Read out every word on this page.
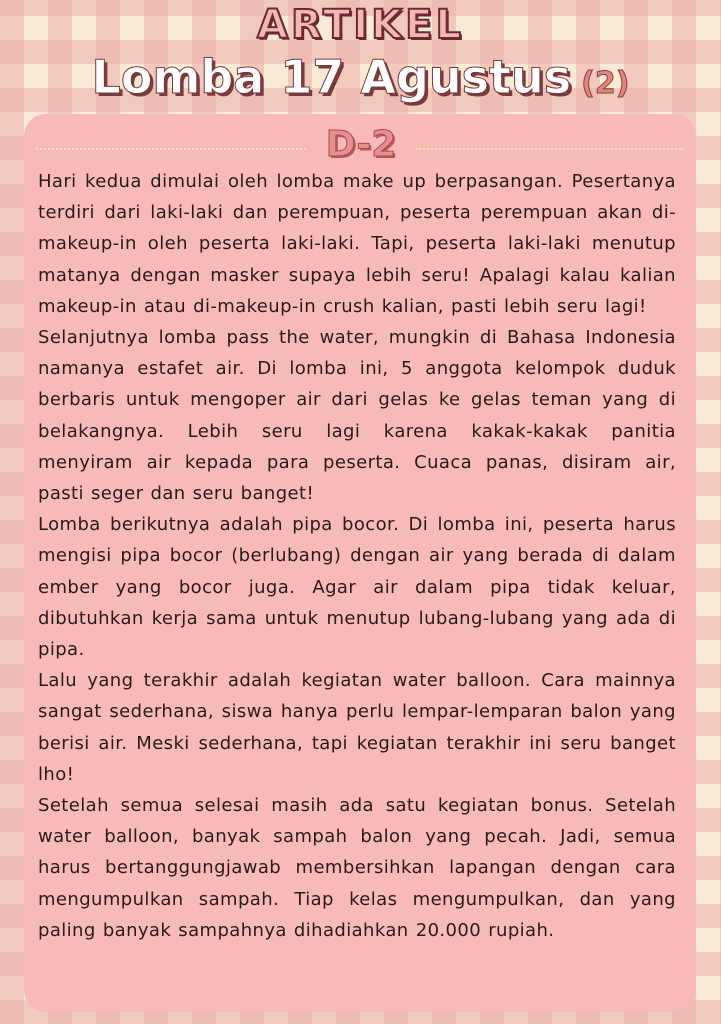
ARTIKEL
Lomba 17 Agustus (2)
D-2

Hari kedua dimulai oleh lomba make up berpasangan. Pesertanya terdiri dari laki-laki dan perempuan, peserta perempuan akan di-makeup-in oleh peserta laki-laki. Tapi, peserta laki-laki menutup matanya dengan masker supaya lebih seru! Apalagi kalau kalian makeup-in atau di-makeup-in crush kalian, pasti lebih seru lagi!

Selanjutnya lomba pass the water, mungkin di Bahasa Indonesia namanya estafet air. Di lomba ini, 5 anggota kelompok duduk berbaris untuk mengoper air dari gelas ke gelas teman yang di belakangnya. Lebih seru lagi karena kakak-kakak panitia menyiram air kepada para peserta. Cuaca panas, disiram air, pasti seger dan seru banget!

Lomba berikutnya adalah pipa bocor. Di lomba ini, peserta harus mengisi pipa bocor (berlubang) dengan air yang berada di dalam ember yang bocor juga. Agar air dalam pipa tidak keluar, dibutuhkan kerja sama untuk menutup lubang-lubang yang ada di pipa.

Lalu yang terakhir adalah kegiatan water balloon. Cara mainnya sangat sederhana, siswa hanya perlu lempar-lemparan balon yang berisi air. Meski sederhana, tapi kegiatan terakhir ini seru banget lho!

Setelah semua selesai masih ada satu kegiatan bonus. Setelah water balloon, banyak sampah balon yang pecah. Jadi, semua harus bertanggungjawab membersihkan lapangan dengan cara mengumpulkan sampah. Tiap kelas mengumpulkan, dan yang paling banyak sampahnya dihadiahkan 20.000 rupiah.
